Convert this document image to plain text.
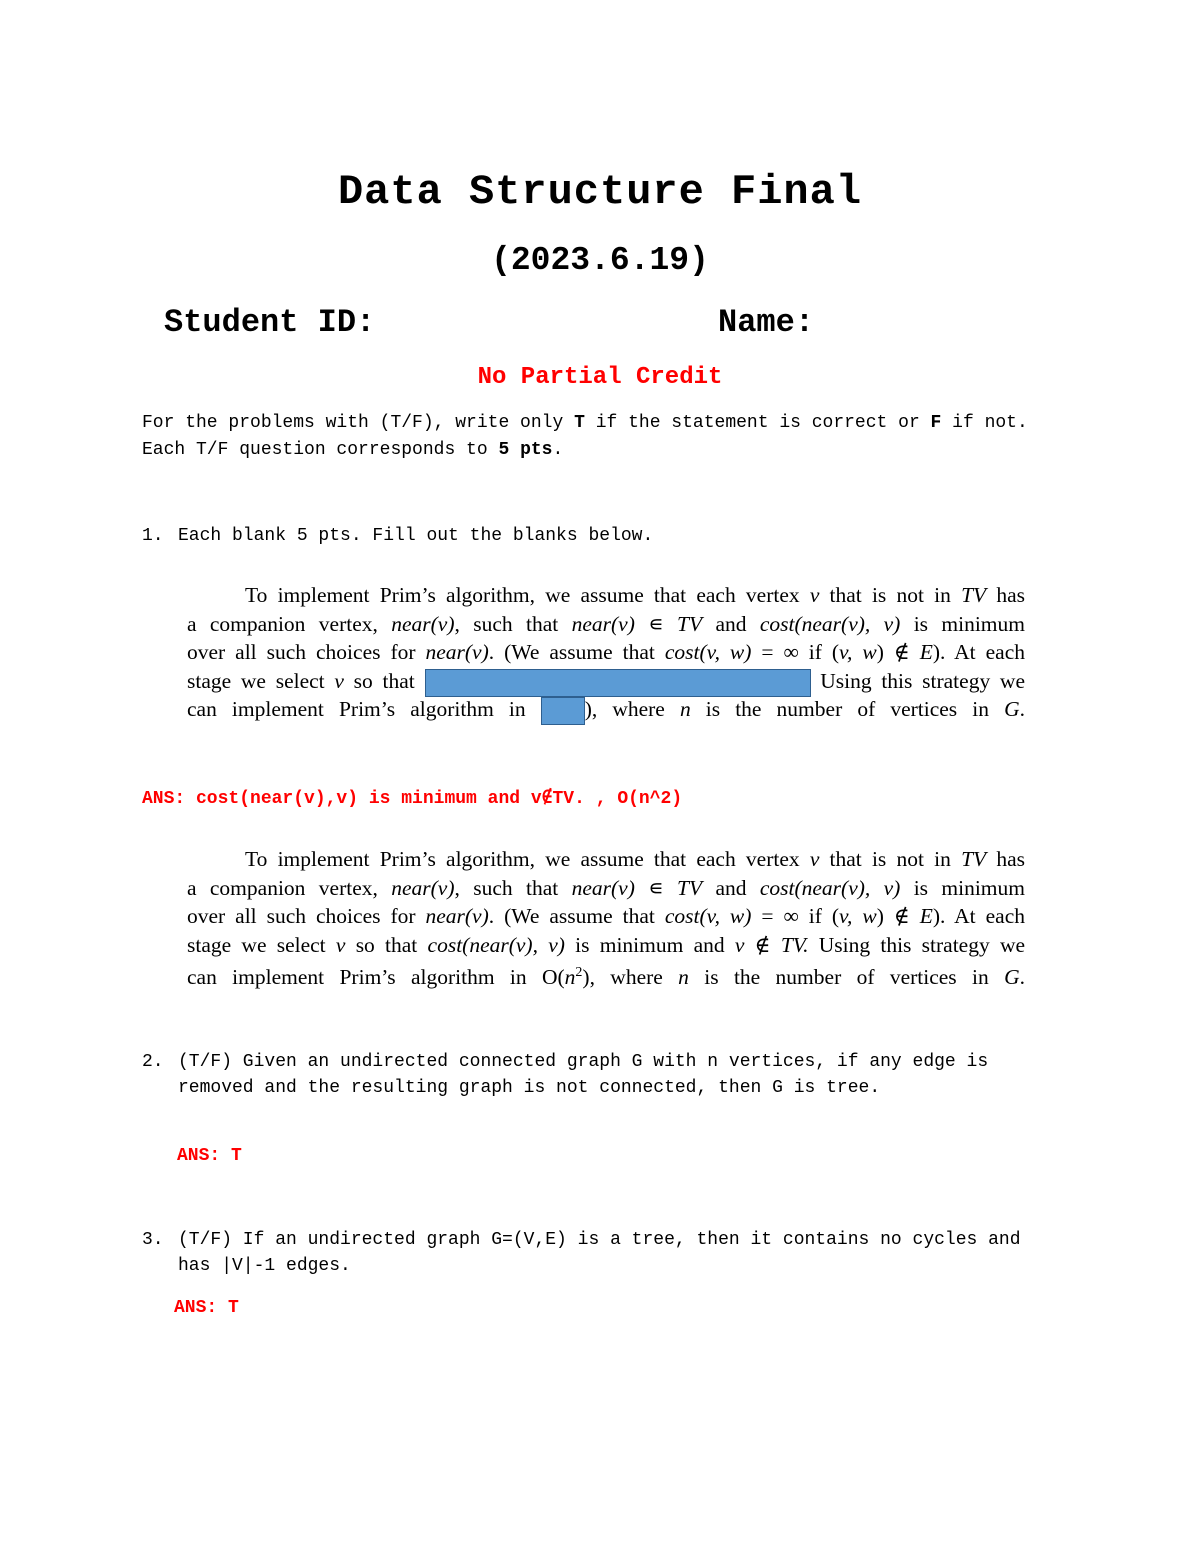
Data Structure Final
(2023.6.19)
Student ID:	Name:
No Partial Credit
For the problems with (T/F), write only T if the statement is correct or F if not. Each T/F question corresponds to 5 pts.
1. Each blank 5 pts. Fill out the blanks below.
To implement Prim’s algorithm, we assume that each vertex v that is not in TV has
a companion vertex, near(v), such that near(v) ∊ TV and cost(near(v), v) is minimum
over all such choices for near(v). (We assume that cost(v, w) = ∞ if (v, w) ∉ E). At each
stage we select v so that	Using this strategy we
can implement Prim’s algorithm in ), where n is the number of vertices in G.
ANS: cost(near(v),v) is minimum and v∉TV. , O(n^2)
To implement Prim’s algorithm, we assume that each vertex v that is not in TV has
a companion vertex, near(v), such that near(v) ∊ TV and cost(near(v), v) is minimum
over all such choices for near(v). (We assume that cost(v, w) = ∞ if (v, w) ∉ E). At each
stage we select v so that cost(near(v), v) is minimum and v ∉ TV. Using this strategy we
can implement Prim’s algorithm in $O(n^2)$, where n is the number of vertices in G.
2. (T/F) Given an undirected connected graph G with n vertices, if any edge is removed and the resulting graph is not connected, then G is tree.
ANS: T
3. (T/F) If an undirected graph G=(V,E) is a tree, then it contains no cycles and has |V|-1 edges.
ANS: T
